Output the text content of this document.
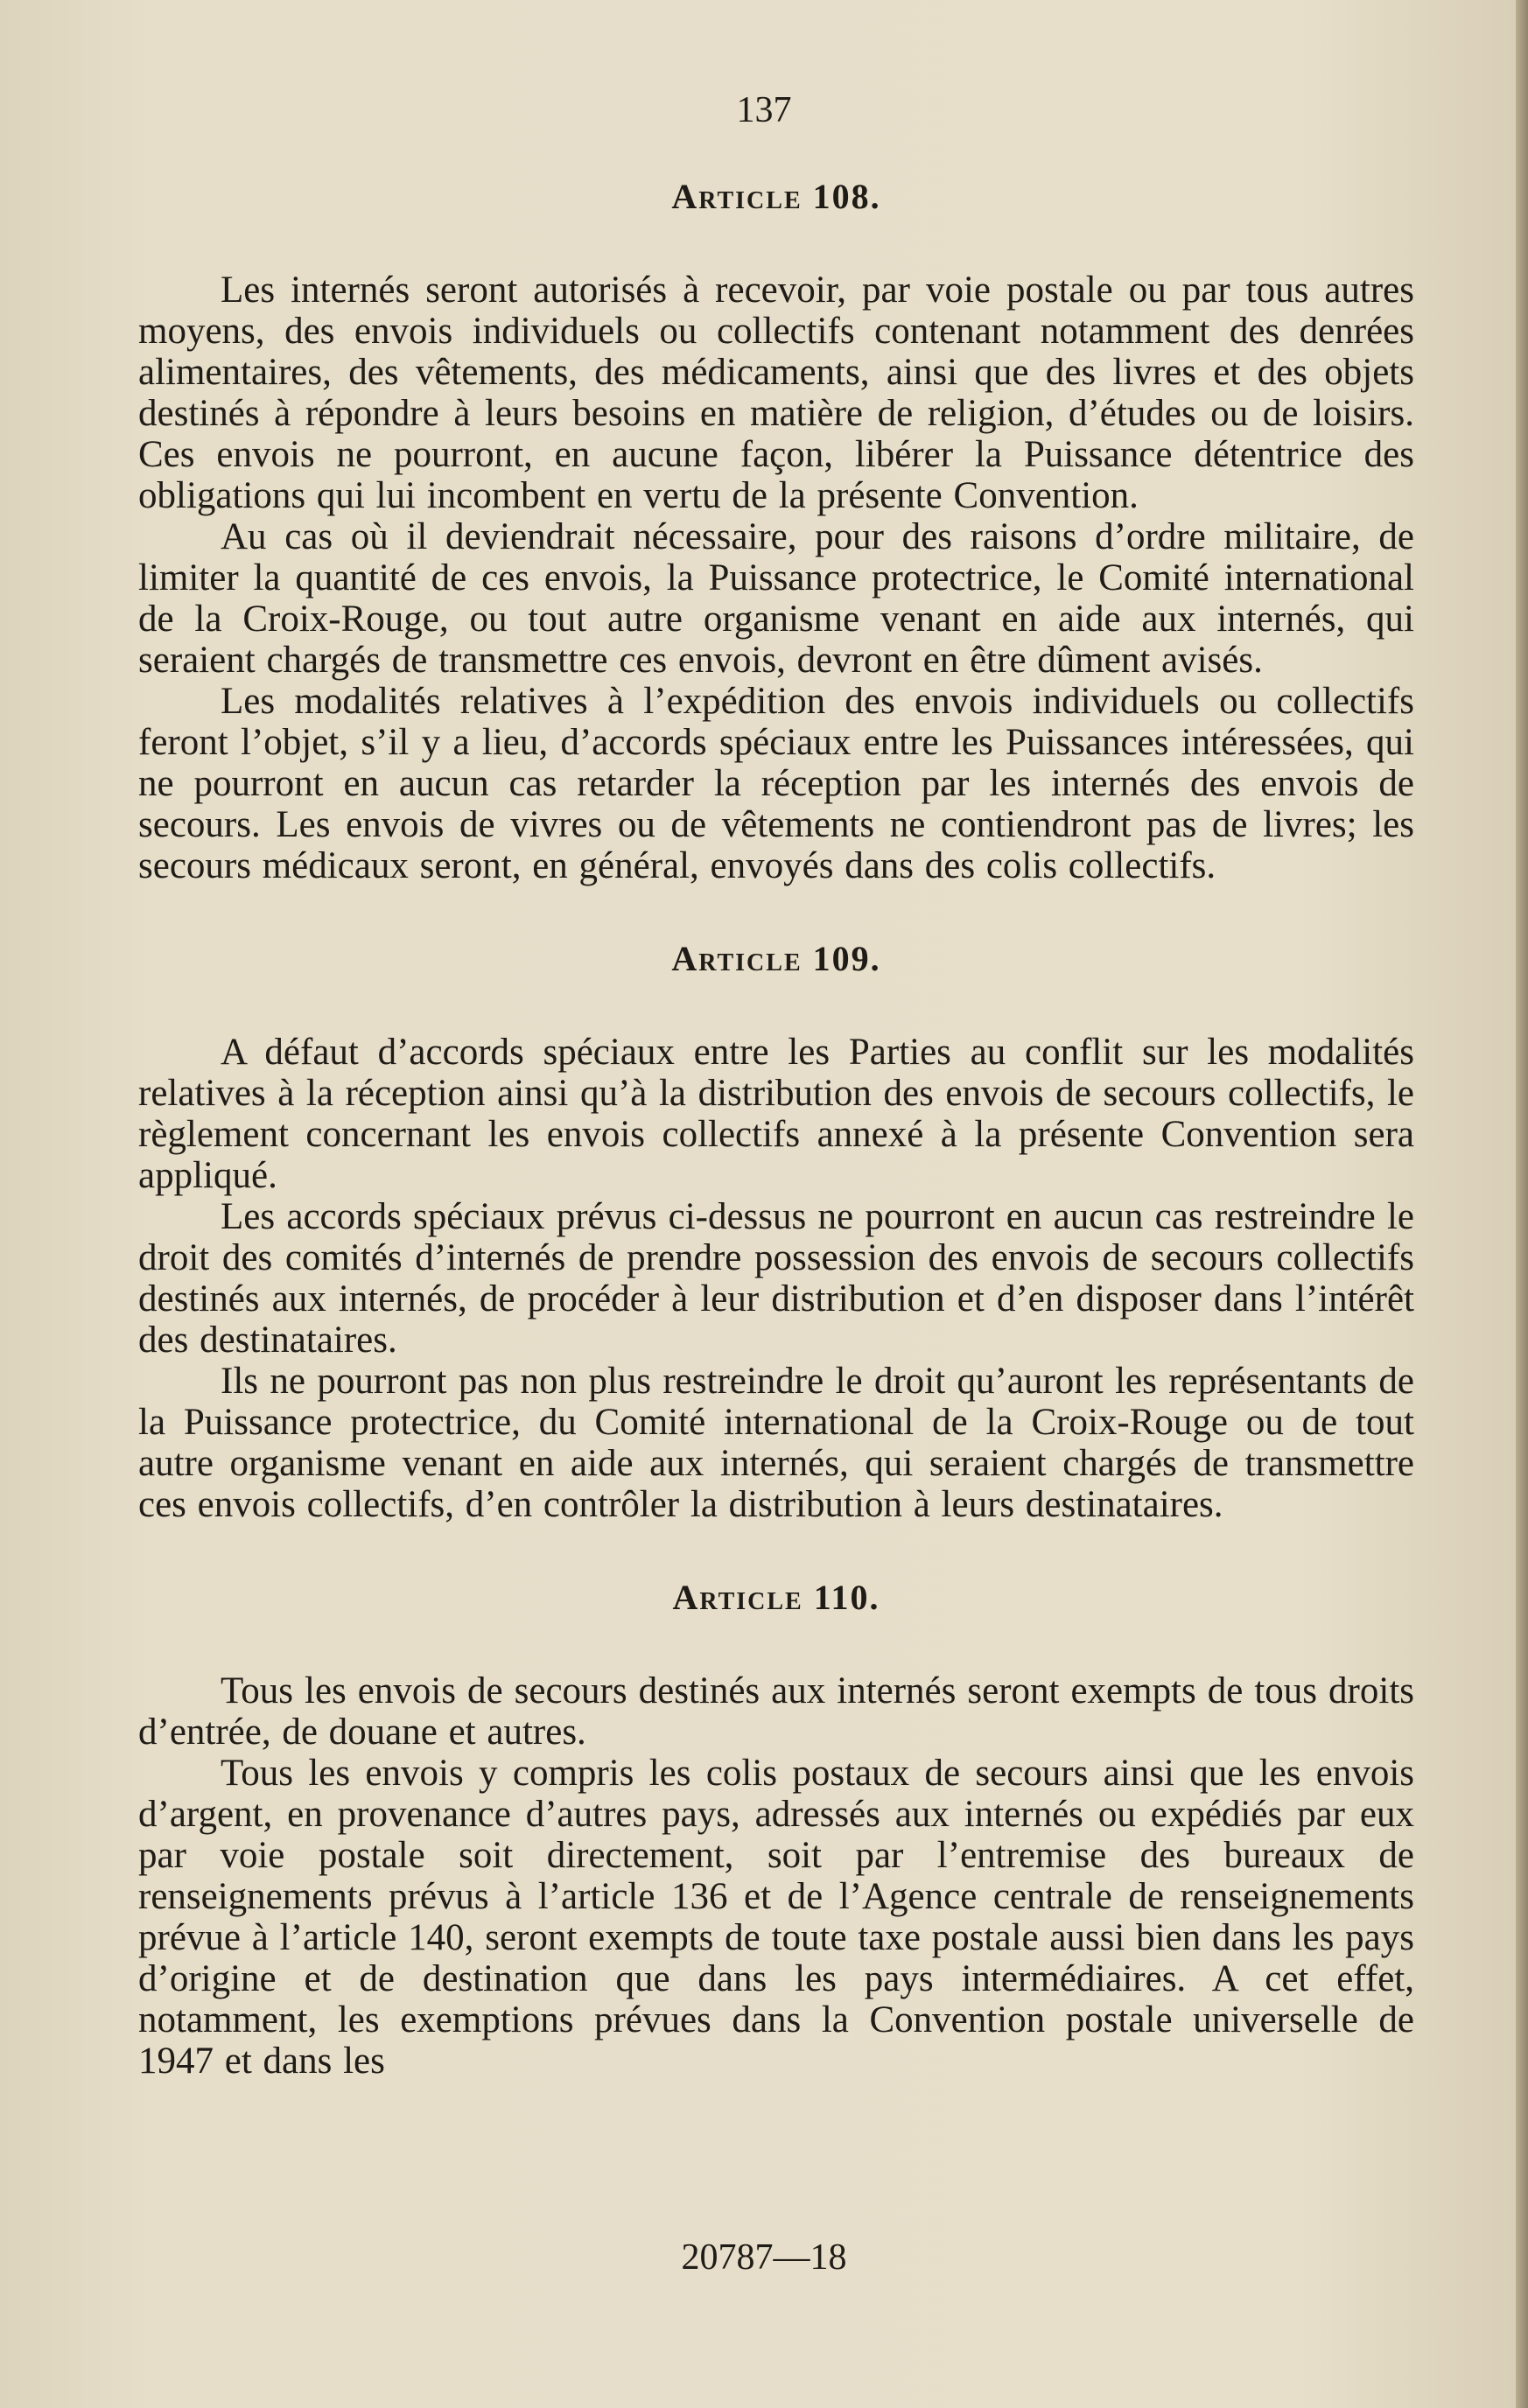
137
Article 108.

Les internés seront autorisés à recevoir, par voie postale ou par tous autres moyens, des envois individuels ou collectifs contenant notamment des denrées alimentaires, des vêtements, des médicaments, ainsi que des livres et des objets destinés à répondre à leurs besoins en matière de religion, d’études ou de loisirs. Ces envois ne pourront, en aucune façon, libérer la Puissance détentrice des obligations qui lui incombent en vertu de la présente Convention.

Au cas où il deviendrait nécessaire, pour des raisons d’ordre militaire, de limiter la quantité de ces envois, la Puissance protectrice, le Comité international de la Croix-Rouge, ou tout autre organisme venant en aide aux internés, qui seraient chargés de transmettre ces envois, devront en être dûment avisés.

Les modalités relatives à l’expédition des envois individuels ou collectifs feront l’objet, s’il y a lieu, d’accords spéciaux entre les Puissances intéressées, qui ne pourront en aucun cas retarder la réception par les internés des envois de secours. Les envois de vivres ou de vêtements ne contiendront pas de livres; les secours médicaux seront, en général, envoyés dans des colis collectifs.

Article 109.

A défaut d’accords spéciaux entre les Parties au conflit sur les modalités relatives à la réception ainsi qu’à la distribution des envois de secours collectifs, le règlement concernant les envois collectifs annexé à la présente Convention sera appliqué.

Les accords spéciaux prévus ci-dessus ne pourront en aucun cas restreindre le droit des comités d’internés de prendre possession des envois de secours collectifs destinés aux internés, de procéder à leur distribution et d’en disposer dans l’intérêt des destinataires.

Ils ne pourront pas non plus restreindre le droit qu’auront les représentants de la Puissance protectrice, du Comité international de la Croix-Rouge ou de tout autre organisme venant en aide aux internés, qui seraient chargés de transmettre ces envois collectifs, d’en contrôler la distribution à leurs destinataires.

Article 110.

Tous les envois de secours destinés aux internés seront exempts de tous droits d’entrée, de douane et autres.

Tous les envois y compris les colis postaux de secours ainsi que les envois d’argent, en provenance d’autres pays, adressés aux internés ou expédiés par eux par voie postale soit directement, soit par l’entremise des bureaux de renseignements prévus à l’article 136 et de l’Agence centrale de renseignements prévue à l’article 140, seront exempts de toute taxe postale aussi bien dans les pays d’origine et de destination que dans les pays intermédiaires. A cet effet, notamment, les exemptions prévues dans la Convention postale universelle de 1947 et dans les

20787—18
